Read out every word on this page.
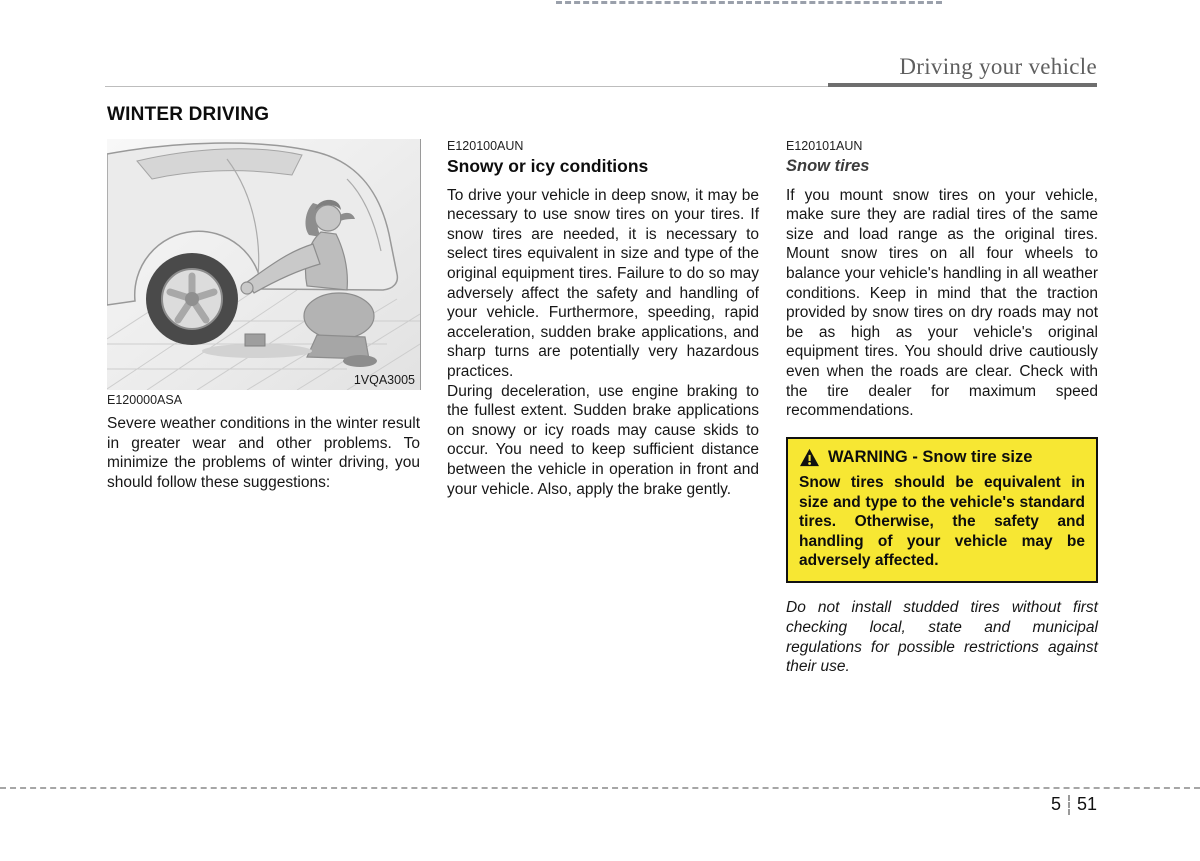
Driving your vehicle
WINTER DRIVING
1VQA3005
E120000ASA

Severe weather conditions in the winter result in greater wear and other problems. To minimize the problems of winter driving, you should follow these suggestions:

E120100AUN

Snowy or icy conditions

To drive your vehicle in deep snow, it may be necessary to use snow tires on your tires. If snow tires are needed, it is necessary to select tires equivalent in size and type of the original equipment tires. Failure to do so may adversely affect the safety and handling of your vehicle. Furthermore, speeding, rapid acceleration, sudden brake applications, and sharp turns are potentially very hazardous practices.

During deceleration, use engine braking to the fullest extent. Sudden brake applications on snowy or icy roads may cause skids to occur. You need to keep sufficient distance between the vehicle in operation in front and your vehicle. Also, apply the brake gently.

E120101AUN

Snow tires

If you mount snow tires on your vehicle, make sure they are radial tires of the same size and load range as the original tires. Mount snow tires on all four wheels to balance your vehicle's handling in all weather conditions. Keep in mind that the traction provided by snow tires on dry roads may not be as high as your vehicle's original equipment tires. You should drive cautiously even when the roads are clear. Check with the tire dealer for maximum speed recommendations.

WARNING - Snow tire size

Snow tires should be equivalent in size and type to the vehicle's standard tires. Otherwise, the safety and handling of your vehicle may be adversely affected.

Do not install studded tires without first checking local, state and municipal regulations for possible restrictions against their use.

5 51
